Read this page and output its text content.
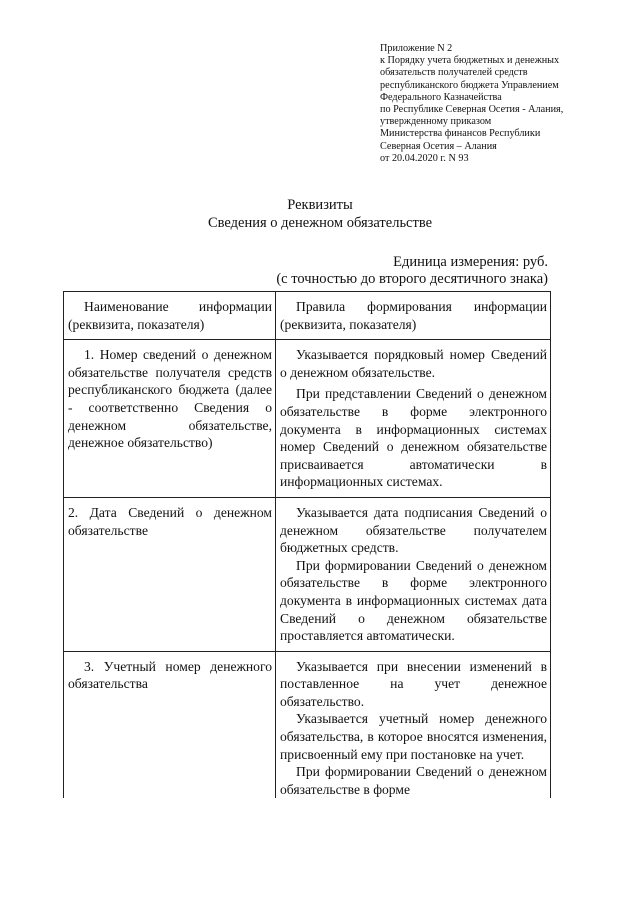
Приложение N 2
к Порядку учета бюджетных и денежных
обязательств получателей средств
республиканского бюджета Управлением
Федерального Казначейства
по Республике Северная Осетия - Алания,
утвержденному приказом
Министерства финансов Республики
Северная Осетия – Алания
от 20.04.2020 г. N 93
Реквизиты
Сведения о денежном обязательстве
Единица измерения: руб.
(с точностью до второго десятичного знака)

Наименование информации (реквизита, показателя)	Правила формирования информации (реквизита, показателя)

1. Номер сведений о денежном обязательстве получателя средств республиканского бюджета (далее - соответственно Сведения о денежном обязательстве, денежное обязательство)	Указывается порядковый номер Сведений о денежном обязательстве.

При представлении Сведений о денежном обязательстве в форме электронного документа в информационных системах номер Сведений о денежном обязательстве присваивается автоматически в информационных системах.

2. Дата Сведений о денежном обязательстве	Указывается дата подписания Сведений о денежном обязательстве получателем бюджетных средств.

При формировании Сведений о денежном обязательстве в форме электронного документа в информационных системах дата Сведений о денежном обязательстве проставляется автоматически.

3. Учетный номер денежного обязательства	Указывается при внесении изменений в поставленное на учет денежное обязательство.

Указывается учетный номер денежного обязательства, в которое вносятся изменения, присвоенный ему при постановке на учет.

При формировании Сведений о денежном обязательстве в форме
